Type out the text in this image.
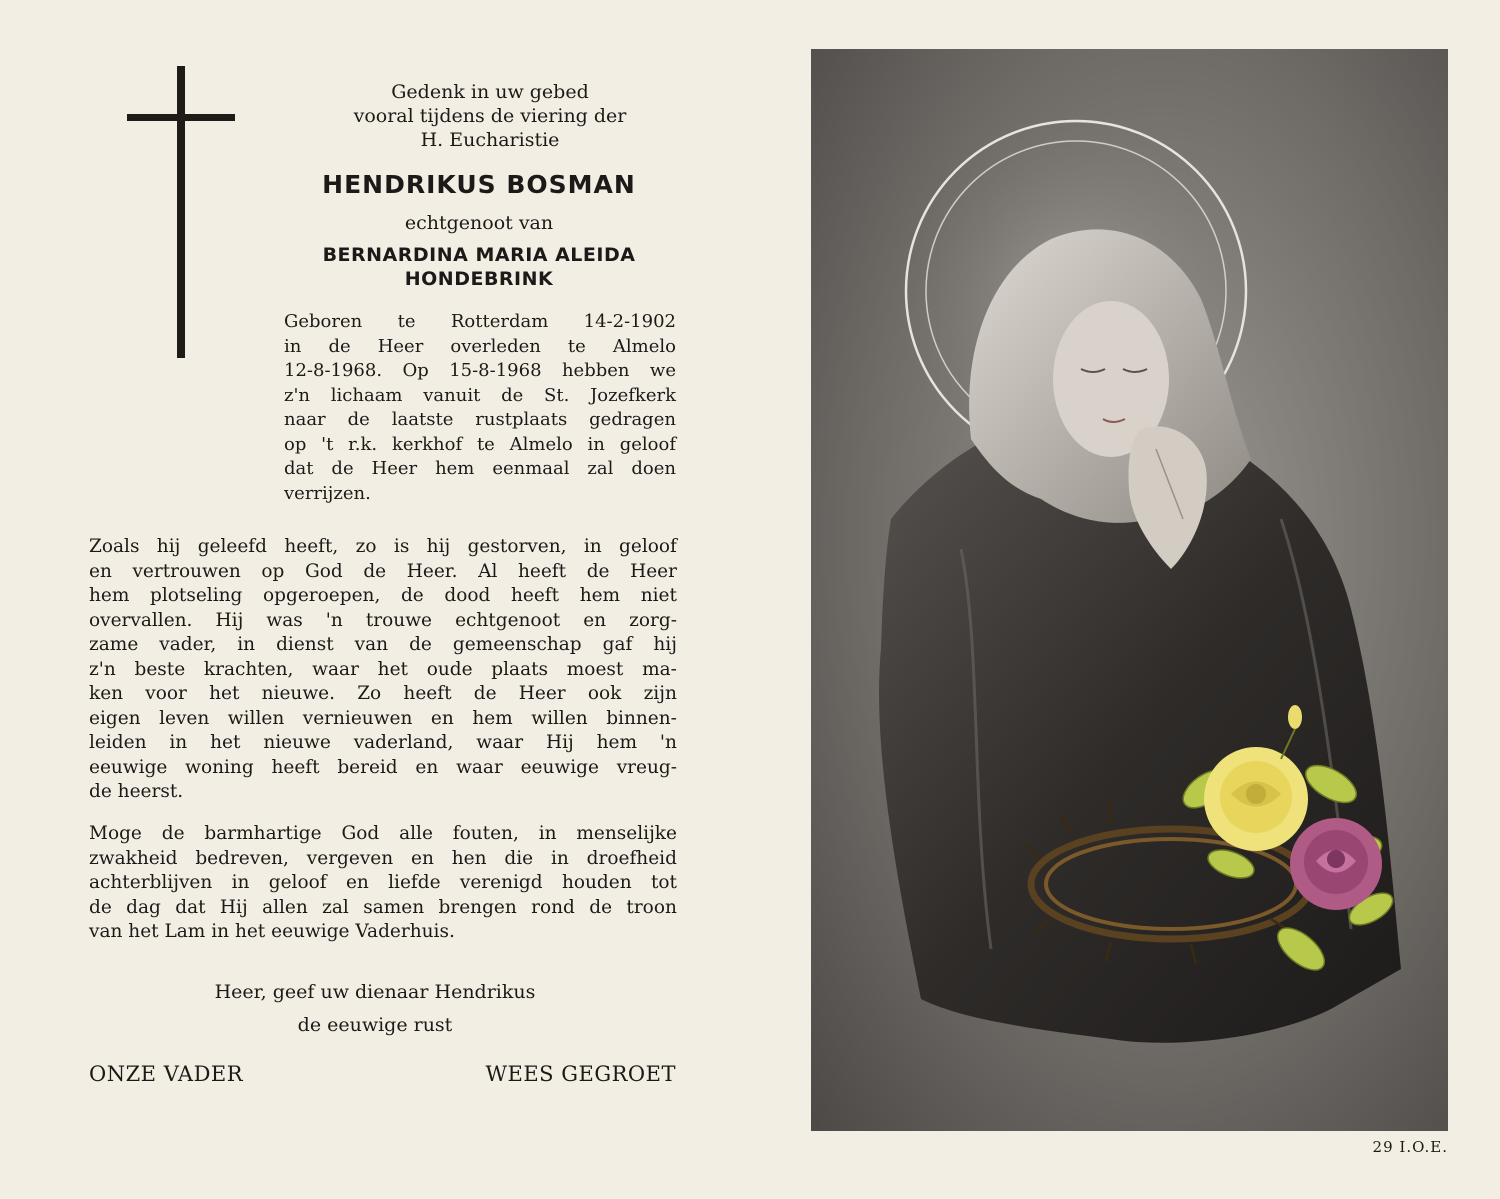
Gedenk in uw gebed
vooral tijdens de viering der
H. Eucharistie
HENDRIKUS BOSMAN
echtgenoot van
BERNARDINA MARIA ALEIDA
HONDEBRINK
Geboren te Rotterdam 14-2-1902
in de Heer overleden te Almelo
12-8-1968. Op 15-8-1968 hebben we
z'n lichaam vanuit de St. Jozefkerk
naar de laatste rustplaats gedragen
op 't r.k. kerkhof te Almelo in geloof
dat de Heer hem eenmaal zal doen
verrijzen.
Zoals hij geleefd heeft, zo is hij gestorven, in geloof
en vertrouwen op God de Heer. Al heeft de Heer
hem plotseling opgeroepen, de dood heeft hem niet
overvallen. Hij was 'n trouwe echtgenoot en zorg-
zame vader, in dienst van de gemeenschap gaf hij
z'n beste krachten, waar het oude plaats moest ma-
ken voor het nieuwe. Zo heeft de Heer ook zijn
eigen leven willen vernieuwen en hem willen binnen-
leiden in het nieuwe vaderland, waar Hij hem 'n
eeuwige woning heeft bereid en waar eeuwige vreug-
de heerst.
Moge de barmhartige God alle fouten, in menselijke
zwakheid bedreven, vergeven en hen die in droefheid
achterblijven in geloof en liefde verenigd houden tot
de dag dat Hij allen zal samen brengen rond de troon
van het Lam in het eeuwige Vaderhuis.
Heer, geef uw dienaar Hendrikus
de eeuwige rust
ONZE VADER	WEES GEGROET
29 I.O.E.
